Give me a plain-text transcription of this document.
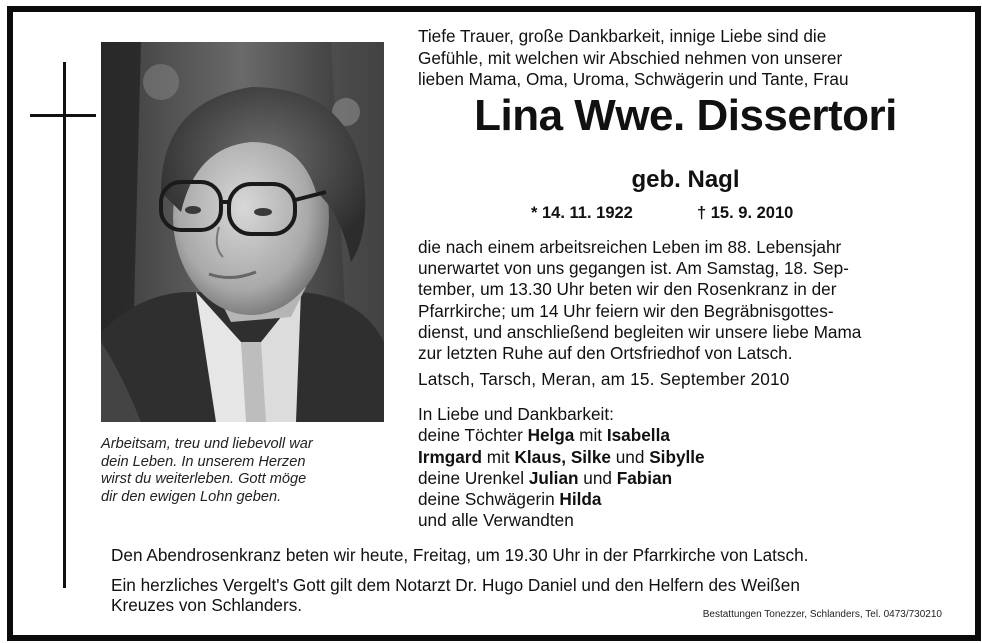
Arbeitsam, treu und liebevoll war
dein Leben. In unserem Herzen
wirst du weiterleben. Gott möge
dir den ewigen Lohn geben.
Tiefe Trauer, große Dankbarkeit, innige Liebe sind die
Gefühle, mit welchen wir Abschied nehmen von unserer
lieben Mama, Oma, Uroma, Schwägerin und Tante, Frau
Lina Wwe. Dissertori
geb. Nagl
* 14. 11. 1922	† 15. 9. 2010
die nach einem arbeitsreichen Leben im 88. Lebensjahr
unerwartet von uns gegangen ist. Am Samstag, 18. Sep-
tember, um 13.30 Uhr beten wir den Rosenkranz in der
Pfarrkirche; um 14 Uhr feiern wir den Begräbnisgottes-
dienst, und anschließend begleiten wir unsere liebe Mama
zur letzten Ruhe auf den Ortsfriedhof von Latsch.
Latsch, Tarsch, Meran, am 15. September 2010
In Liebe und Dankbarkeit:
deine Töchter Helga mit Isabella
Irmgard mit Klaus, Silke und Sibylle
deine Urenkel Julian und Fabian
deine Schwägerin Hilda
und alle Verwandten
Den Abendrosenkranz beten wir heute, Freitag, um 19.30 Uhr in der Pfarrkirche von Latsch.
Ein herzliches Vergelt's Gott gilt dem Notarzt Dr. Hugo Daniel und den Helfern des Weißen
Kreuzes von Schlanders.	Bestattungen Tonezzer, Schlanders, Tel. 0473/730210
